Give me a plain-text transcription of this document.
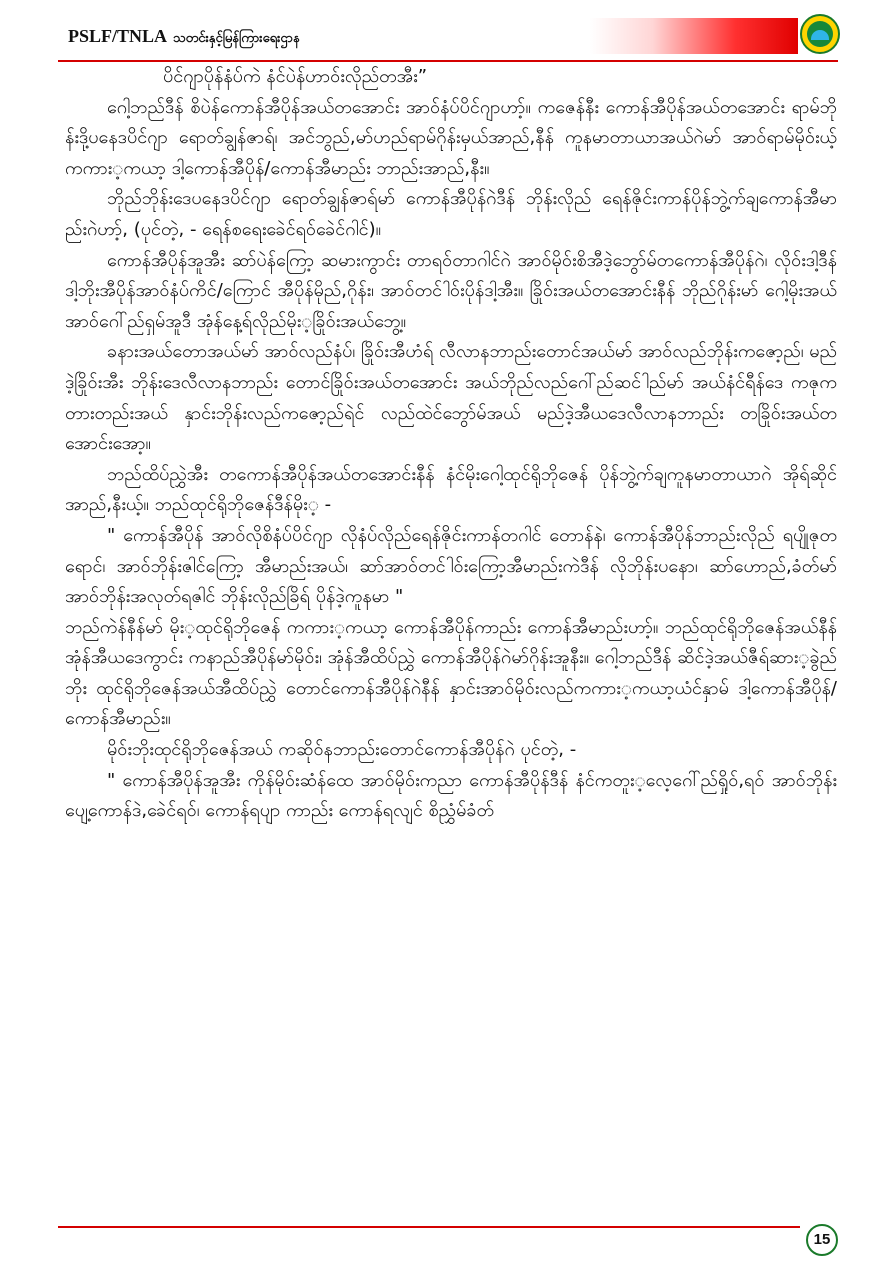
PSLF/TNLA သတင်းနှင့်မြန်ကြားရေးဌာန

ပိင်ဂျာပိုန်နံပ်ကဲ နံင်ပဲန်ဟာဝ်းလိုည်တအီး”

ဂေါ့ဘည်ဒီန် စိပဲန်ကောန်အီပိုန်အယ်တအောင်း အာဝ်နံပ်ပိင်ဂျာဟာ့်။ ကဇေန်နီး ကောန်အီပိုန်အယ်တအောင်း ရာမ်ဘိုန်းဒို့ပနေဒပိင်ဂျာ ရောတ်ချွန်ဇာရ်၊ အင်ဘွည်,မာ်ဟည်ရာမ်ဂိုန်းမှယ်အာည်,နီန် ကူနမာတာယာအယ်ဂဲမာ် အာဝ်ရာမ်မိုဝ်းယ့် ကကား့ကယာ့ ဒါ့ကောန်အီပိုန်/ကောန်အီမာည်း ဘာည်းအာည်,နီး။

ဘိုည်ဘိုန်းဒေပနေဒပိင်ဂျာ ရောတ်ချွန်ဇာရ်မာ် ကောန်အီပိုန်ဂဲဒီန် ဘိုန်းလိုည် ရေန်ဇိုင်းကာန်ပိုန်ဘွဲ့က်ချကောန်အီမာည်းဂဲဟာ့်, (ပုင်တဲ့, - ရေန်စရေးခေဲင်ရဝ်ခေဲင်ဂါင်)။

ကောန်အီပိုန်အူအီး ဆာ်ပဲန်ကြော့ ဆမားကွာင်း တာရဝ်တာဂါင်ဂဲ အာဝ်မိုဝ်းစိအီဒဲ့ဘွော်မ်တကောန်အီပိုန်ဂဲ၊ လိုဝ်းဒါ့ဒီန် ဒါ့ဘိုးအီပိုန်အာဝ်နံပ်ကိင်/ကြောင် အီပိုန်မိုည်,ဂိုန်း၊ အာဝ်တင်ါဝ်းပိုန်ဒါ့အီး။ ခြိုဝ်းအယ်တအောင်းနီန် ဘိုည်ဂိုန်းမာ် ဂေါ့မိုးအယ်အာဝ်ဂေါ်ည်ရှမ်အူဒီ အုံန်နေ့ရ်လိုည်မိုး့ခြိုဝ်းအယ်ဘွေ့။

ခနားအယ်တောအယ်မာ် အာဝ်လည်နံပ်၊ ခြိုဝ်းအီဟံရ် လီလာနဘာည်းတောင်အယ်မာ် အာဝ်လည်ဘိုန်းကဇော့ည်၊ မည်ဒဲ့ခြိုဝ်းအီး ဘိုန်းဒေလီလာနဘာည်း တောင်ခြိုဝ်းအယ်တအောင်း အယ်ဘိုည်လည်ဂေါ်ည်ဆင်ါည်မာ် အယ်နံင်ရီန်ဒေ ကဇုကတားတည်းအယ် နှာင်းဘိုန်းလည်ကဇော့ည်ရဲင် လည်ထဲင်ဘွော်မ်အယ် မည်ဒဲ့အီယဒေလီလာနဘာည်း တခြိုဝ်းအယ်တအောင်းအော့။

ဘည်ထိပ်ညွှဲအီး တကောန်အီပိုန်အယ်တအောင်းနီန် နံင်မိုးဂေါ့ထုင်ရိုဘိုဇေန် ပိုန်ဘွဲ့က်ချကူနမာတာယာဂဲ အိုရ်ဆိုင်အာည်,နီးယ့်။ ဘည်ထုင်ရိုဘိုဇေန်ဒီန်မိုး့ -

" ကောန်အီပိုန် အာဝ်လိုစိနံပ်ပိင်ဂျာ လိုနံပ်လိုည်ရေန်ဇိုင်းကာန်တဂါင် တောန်နဲ၊ ကောန်အီပိုန်ဘာည်းလိုည် ရပျိုဇုတရောင်၊ အာဝ်ဘိုန်းဇါင်ကြော့ အီမာည်းအယ်၊ ဆာ်အာဝ်တင်ါဝ်းကြော့အီမာည်းကဲဒီန် လိုဘိုန်းပနော၊ ဆာ်ဟောည်,ခံတ်မာ် အာဝ်ဘိုန်းအလုတ်ရဇါင် ဘိုန်းလိုည်ခြိရ် ပိုန်ဒဲ့ကူနမာ "

ဘည်ကဲန်နီန်မာ် မိုး့ထုင်ရိုဘိုဇေန် ကကား့ကယာ့ ကောန်အီပိုန်ကာည်း ကောန်အီမာည်းဟာ့်။ ဘည်ထုင်ရိုဘိုဇေန်အယ်နီန် အုံန်အီယဒေကွာင်း ကနာည်အီပိုန်မာ်မိုဝ်း၊ အုံန်အီထိပ်ညွှဲ ကောန်အီပိုန်ဂဲမာ်ဂိုန်းအူနီး။ ဂေါ့ဘည်ဒီန် ဆိင်ဒဲ့အယ်ဇီရ်ဆား့ခွဲည်ဘိုး ထုင်ရိုဘိုဇေန်အယ်အီထိပ်ညွှဲ တောင်ကောန်အီပိုန်ဂဲနီန် နှာင်းအာဝ်မိုဝ်းလည်ကကား့ကယာ့ယံင်နှာမ် ဒါ့ကောန်အီပိုန်/ကောန်အီမာည်း။

မိုဝ်းဘိုးထုင်ရိုဘိုဇေန်အယ် ကဆိုဝ်နဘာည်းတောင်ကောန်အီပိုန်ဂဲ ပုင်တဲ့, -

" ကောန်အီပိုန်အူအီး ကိုန်မိုဝ်းဆံန်ထေ အာဝ်မိုဝ်းကညာ ကောန်အီပိုန်ဒီန် နံင်ကတူး့လေ့ဂေါ်ည်ရှိုဝ်,ရဝ် အာဝ်ဘိုန်းပျေ့ကောန်ဒဲ,ခေဲင်ရဝ်၊ ကောန်ရပျာ ကာည်း ကောန်ရလျင် စိညွှံမ်ခံတ်

15
